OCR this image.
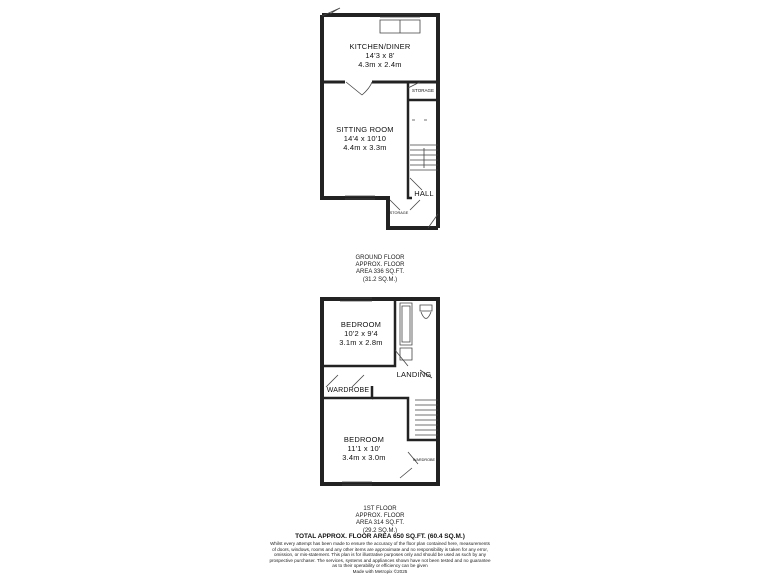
KITCHEN/DINER
14'3 x 8'
4.3m x 2.4m
STORAGE
SITTING ROOM
14'4 x 10'10
4.4m x 3.3m
HALL
STORAGE
GROUND FLOOR
APPROX. FLOOR
AREA 336 SQ.FT.
(31.2 SQ.M.)
BEDROOM
10'2 x 9'4
3.1m x 2.8m
LANDING
WARDROBE
BEDROOM
11'1 x 10'
3.4m x 3.0m	WARDROBE
1ST FLOOR
APPROX. FLOOR
AREA 314 SQ.FT.
(29.2 SQ.M.)
TOTAL APPROX. FLOOR AREA 650 SQ.FT. (60.4 SQ.M.)
Whilst every attempt has been made to ensure the accuracy of the floor plan contained here, measurements
of doors, windows, rooms and any other items are approximate and no responsibility is taken for any error,
omission, or mis-statement. This plan is for illustrative purposes only and should be used as such by any
prospective purchaser. The services, systems and appliances shown have not been tested and no guarantee
as to their operability or efficiency can be given
Made with Metropix ©2025
